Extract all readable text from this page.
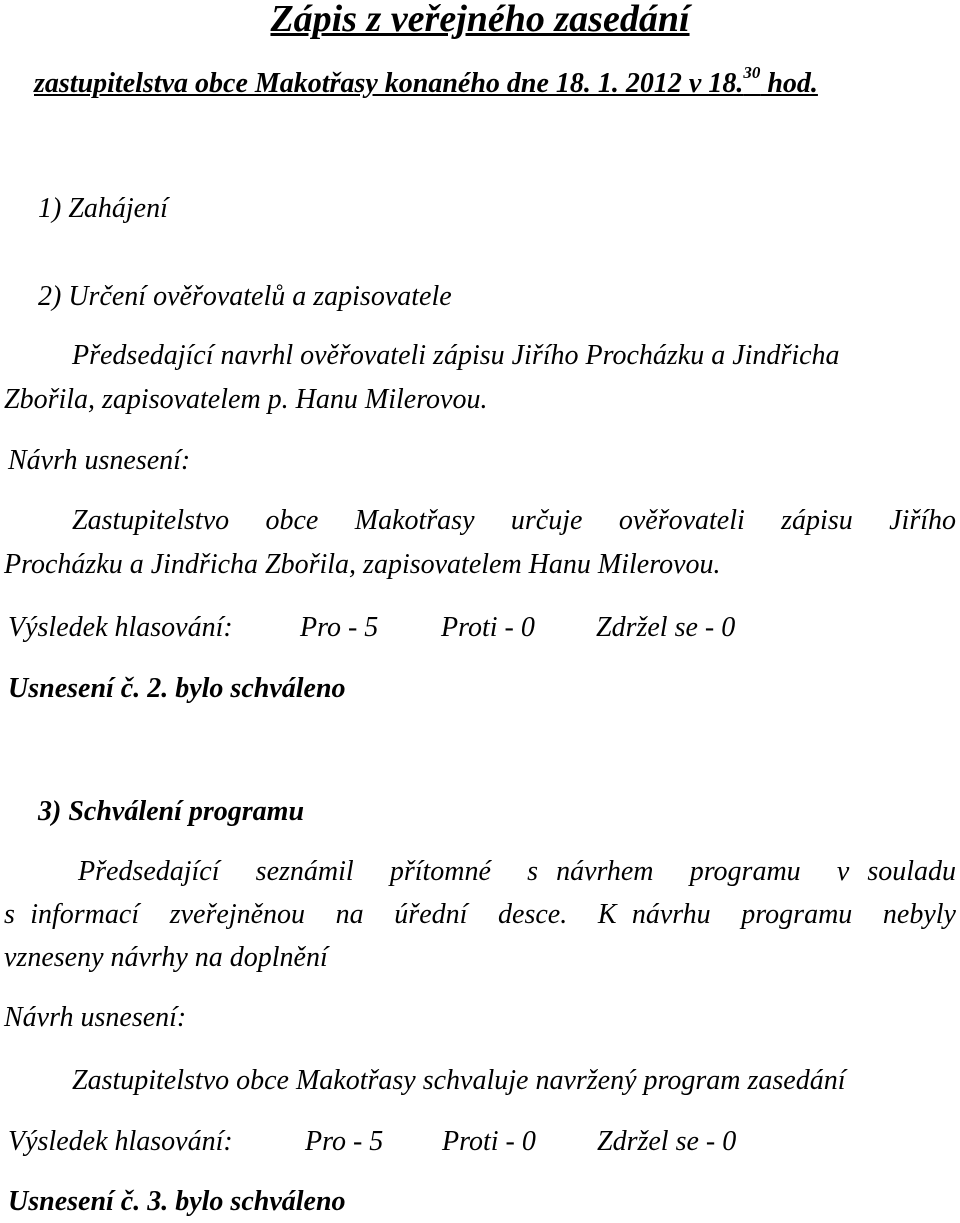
Zápis z veřejného zasedání

zastupitelstva obce Makotřasy konaného dne 18. 1. 2012 v 18.30 hod.

1) Zahájení
2) Určení ověřovatelů a zapisovatele

Předsedající navrhl ověřovateli zápisu Jiřího Procházku a Jindřicha

Zbořila, zapisovatelem p. Hanu Milerovou.

Návrh usnesení:

Zastupitelstvo obce Makotřasy určuje ověřovateli zápisu Jiřího

Procházku a Jindřicha Zbořila, zapisovatelem Hanu Milerovou.

Výsledek hlasování:	Pro - 5	Proti - 0	Zdržel se - 0

Usnesení č. 2. bylo schváleno

3) Schválení programu

Předsedající  seznámil  přítomné  s návrhem  programu  v souladu

s informací  zveřejněnou  na  úřední  desce.  K návrhu  programu  nebyly

vzneseny návrhy na doplnění

Návrh usnesení:

Zastupitelstvo obce Makotřasy schvaluje navržený program zasedání

Výsledek hlasování:	Pro - 5	Proti - 0	Zdržel se - 0

Usnesení č. 3. bylo schváleno
